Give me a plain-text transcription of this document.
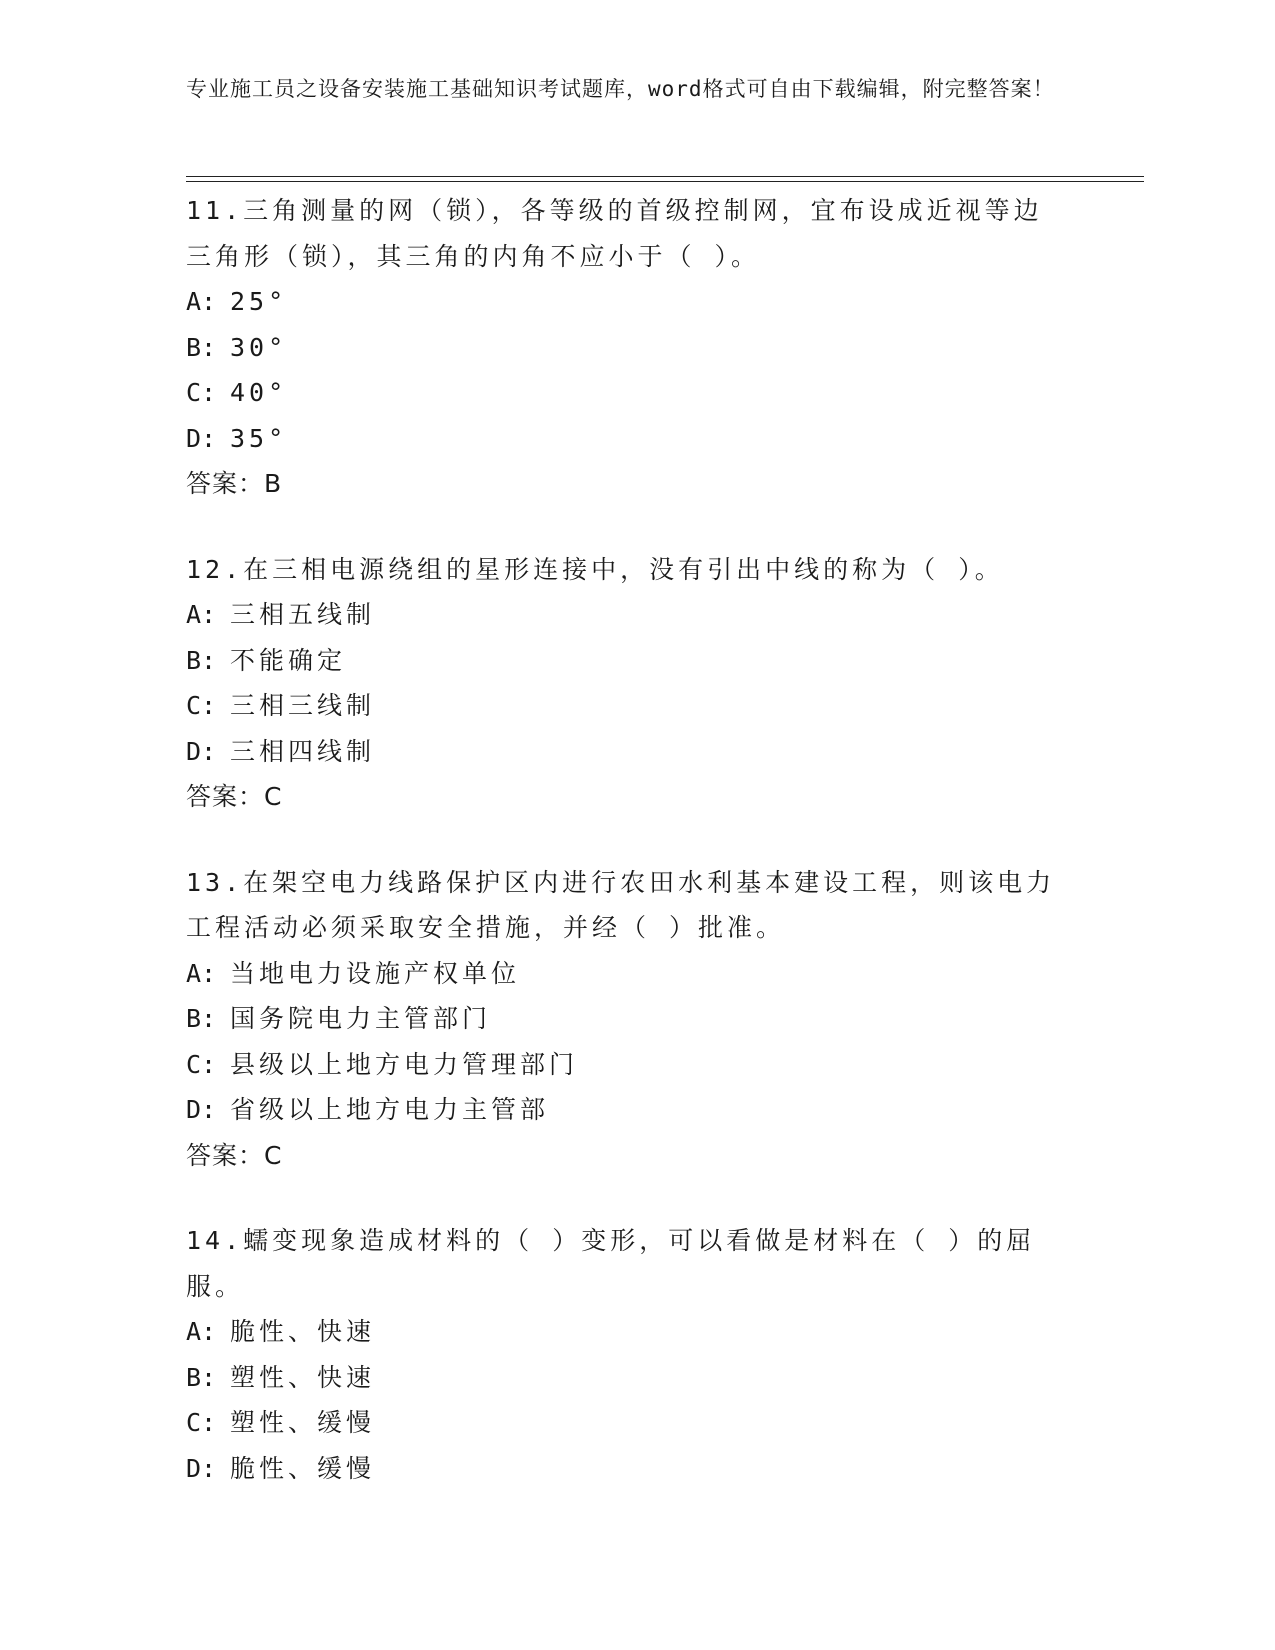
专业施工员之设备安装施工基础知识考试题库，word格式可自由下载编辑，附完整答案！

11.三角测量的网（锁），各等级的首级控制网，宜布设成近视等边三角形（锁），其三角的内角不应小于（ ）。

A: 25°
B: 30°
C: 40°
D: 35°
答案：B

12.在三相电源绕组的星形连接中，没有引出中线的称为（ ）。

A: 三相五线制
B: 不能确定
C: 三相三线制
D: 三相四线制
答案：C

13.在架空电力线路保护区内进行农田水利基本建设工程，则该电力工程活动必须采取安全措施，并经（ ）批准。

A: 当地电力设施产权单位
B: 国务院电力主管部门
C: 县级以上地方电力管理部门
D: 省级以上地方电力主管部
答案：C

14.蠕变现象造成材料的（ ）变形，可以看做是材料在（ ）的屈服。

A: 脆性、快速
B: 塑性、快速
C: 塑性、缓慢
D: 脆性、缓慢
